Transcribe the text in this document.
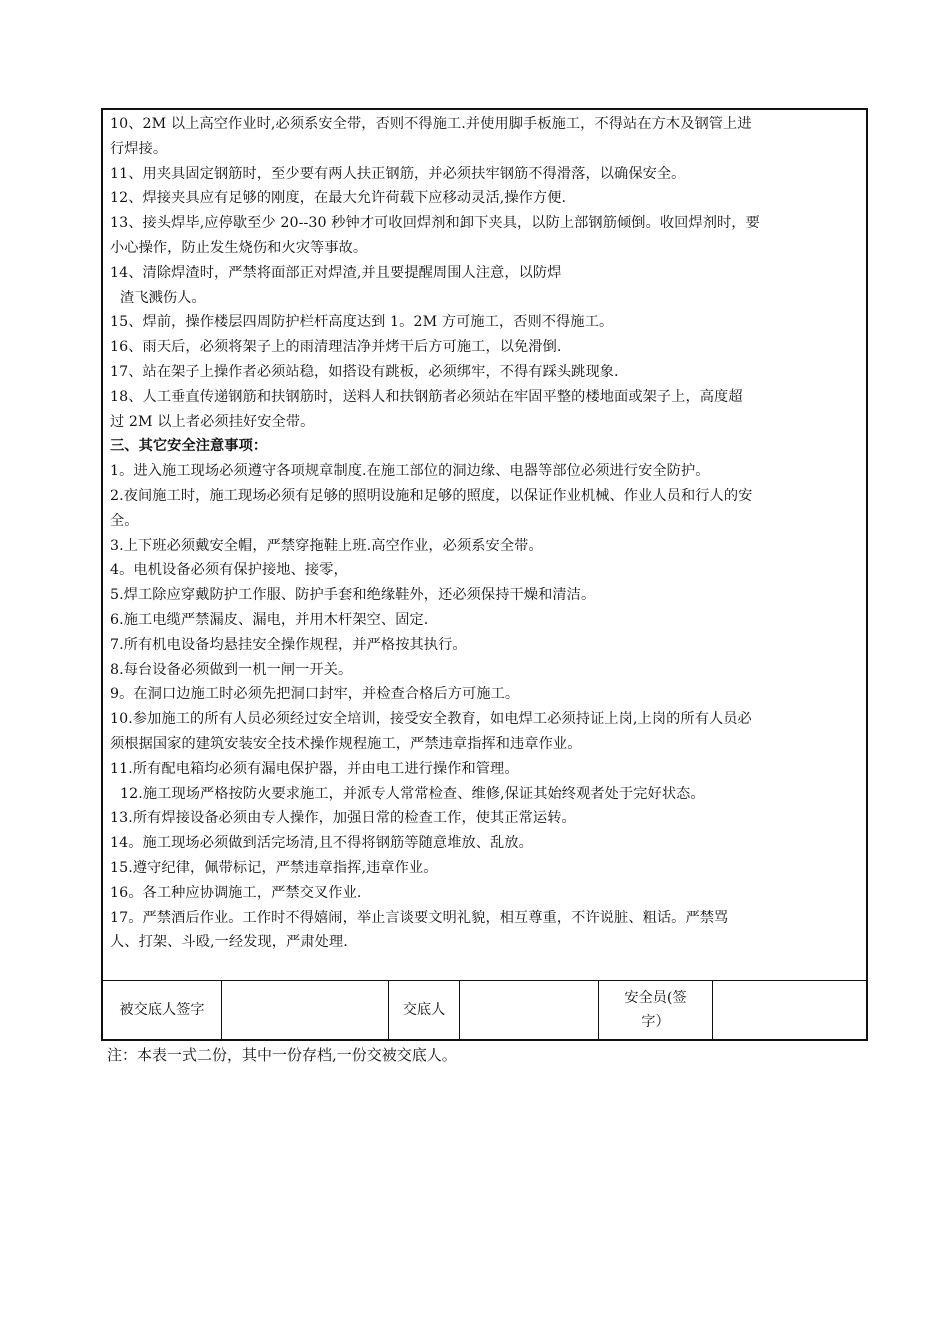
10、2M 以上高空作业时,必须系安全带，否则不得施工.并使用脚手板施工，不得站在方木及钢管上进
行焊接。
11、用夹具固定钢筋时，至少要有两人扶正钢筋，并必须扶牢钢筋不得滑落，以确保安全。
12、焊接夹具应有足够的刚度，在最大允许荷载下应移动灵活,操作方便.
13、接头焊毕,应停歇至少 20--30 秒钟才可收回焊剂和卸下夹具，以防上部钢筋倾倒。收回焊剂时，要
小心操作，防止发生烧伤和火灾等事故。
14、清除焊渣时，严禁将面部正对焊渣,并且要提醒周围人注意，以防焊
渣飞溅伤人。
15、焊前，操作楼层四周防护栏杆高度达到 1。2M 方可施工，否则不得施工。
16、雨天后，必须将架子上的雨清理洁净并烤干后方可施工，以免滑倒.
17、站在架子上操作者必须站稳，如搭设有跳板，必须绑牢，不得有踩头跳现象.
18、人工垂直传递钢筋和扶钢筋时，送料人和扶钢筋者必须站在牢固平整的楼地面或架子上，高度超
过 2M 以上者必须挂好安全带。
三、其它安全注意事项：
1。进入施工现场必须遵守各项规章制度.在施工部位的洞边缘、电器等部位必须进行安全防护。
2.夜间施工时，施工现场必须有足够的照明设施和足够的照度，以保证作业机械、作业人员和行人的安
全。
3.上下班必须戴安全帽，严禁穿拖鞋上班.高空作业，必须系安全带。
4。电机设备必须有保护接地、接零，
5.焊工除应穿戴防护工作服、防护手套和绝缘鞋外，还必须保持干燥和清洁。
6.施工电缆严禁漏皮、漏电，并用木杆架空、固定.
7.所有机电设备均悬挂安全操作规程，并严格按其执行。
8.每台设备必须做到一机一闸一开关。
9。在洞口边施工时必须先把洞口封牢，并检查合格后方可施工。
10.参加施工的所有人员必须经过安全培训，接受安全教育，如电焊工必须持证上岗,上岗的所有人员必
须根据国家的建筑安装安全技术操作规程施工，严禁违章指挥和违章作业。
11.所有配电箱均必须有漏电保护器，并由电工进行操作和管理。
12.施工现场严格按防火要求施工，并派专人常常检查、维修,保证其始终观者处于完好状态。
13.所有焊接设备必须由专人操作，加强日常的检查工作，使其正常运转。
14。施工现场必须做到活完场清,且不得将钢筋等随意堆放、乱放。
15.遵守纪律，佩带标记，严禁违章指挥,违章作业。
16。各工种应协调施工，严禁交叉作业.
17。严禁酒后作业。工作时不得嬉闹，举止言谈要文明礼貌，相互尊重，不许说脏、粗话。严禁骂
人、打架、斗殴,一经发现，严肃处理.
被交底人签字	交底人
安全员(签字）
注：本表一式二份，其中一份存档,一份交被交底人。
